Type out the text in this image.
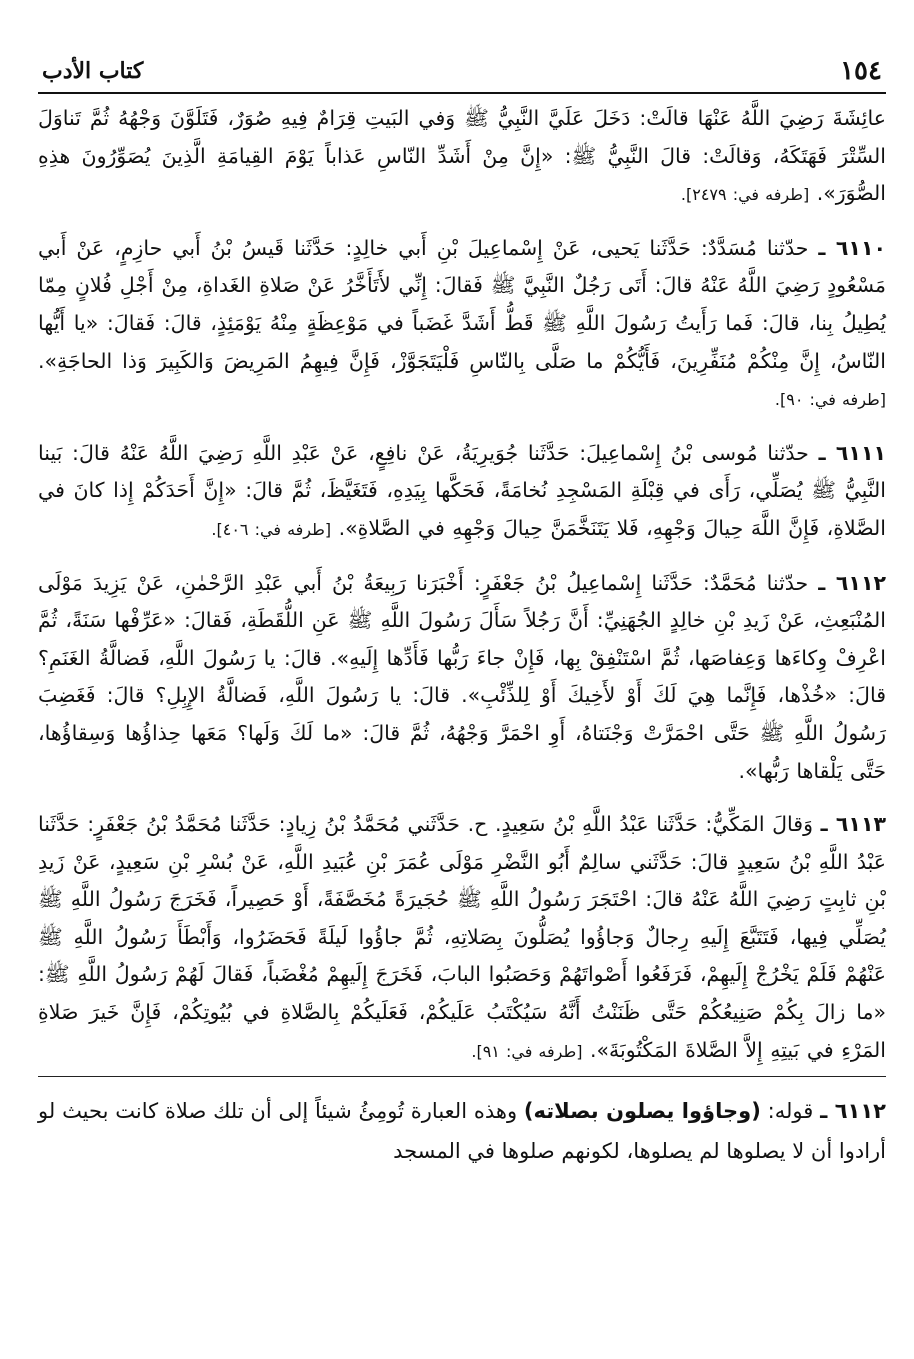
١٥٤
كتاب الأدب

عائِشَةَ رَضِيَ اللَّهُ عَنْهَا قالَتْ: دَخَلَ عَلَيَّ النَّبِيُّ ﷺ وَفي البَيتِ قِرَامٌ فِيهِ صُوَرٌ، فَتَلَوَّنَ وَجْهُهُ ثُمَّ تَناوَلَ السِّتْرَ فَهَتَكَهُ، وَقالَتْ: قالَ النَّبِيُّ ﷺ: «إِنَّ مِنْ أَشَدِّ النّاسِ عَذاباً يَوْمَ القِيامَةِ الَّذِينَ يُصَوِّرُونَ هذِهِ الصُّوَرَ». [طرفه في: ٢٤٧٩].

٦١١٠ ـ حدّثنا مُسَدَّدٌ: حَدَّثَنا يَحيى، عَنْ إِسْماعِيلَ بْنِ أَبي خالِدٍ: حَدَّثَنا قَيسُ بْنُ أَبي حازِمٍ، عَنْ أَبي مَسْعُودٍ رَضِيَ اللَّهُ عَنْهُ قالَ: أَتَى رَجُلٌ النَّبِيَّ ﷺ فَقالَ: إِنِّي لأَتَأَخَّرُ عَنْ صَلاةِ الغَداةِ، مِنْ أَجْلِ فُلانٍ مِمّا يُطِيلُ بِنا، قالَ: فَما رَأَيتُ رَسُولَ اللَّهِ ﷺ قَطُّ أَشَدَّ غَضَباً في مَوْعِظَةٍ مِنْهُ يَوْمَئِذٍ، قالَ: فَقالَ: «يا أَيُّها النّاسُ، إِنَّ مِنْكُمْ مُنَفِّرِينَ، فَأَيُّكُمْ ما صَلَّى بِالنّاسِ فَلْيَتَجَوَّزْ، فَإِنَّ فِيهِمُ المَرِيضَ وَالكَبِيرَ وَذا الحاجَةِ». [طرفه في: ٩٠].

٦١١١ ـ حدّثنا مُوسى بْنُ إِسْماعِيلَ: حَدَّثَنا جُوَيرِيَةُ، عَنْ نافِعٍ، عَنْ عَبْدِ اللَّهِ رَضِيَ اللَّهُ عَنْهُ قالَ: بَينا النَّبِيُّ ﷺ يُصَلِّي، رَأَى في قِبْلَةِ المَسْجِدِ نُخامَةً، فَحَكَّها بِيَدِهِ، فَتَغَيَّظَ، ثُمَّ قالَ: «إِنَّ أَحَدَكُمْ إِذا كانَ في الصَّلاةِ، فَإِنَّ اللَّهَ حِيالَ وَجْهِهِ، فَلا يَتَنَخَّمَنَّ حِيالَ وَجْهِهِ في الصَّلاةِ». [طرفه في: ٤٠٦].

٦١١٢ ـ حدّثنا مُحَمَّدٌ: حَدَّثَنا إِسْماعِيلُ بْنُ جَعْفَرٍ: أَخْبَرَنا رَبِيعَةُ بْنُ أَبي عَبْدِ الرَّحْمٰنِ، عَنْ يَزِيدَ مَوْلَى المُنْبَعِثِ، عَنْ زَيدِ بْنِ خالِدٍ الجُهَنِيِّ: أَنَّ رَجُلاً سَأَلَ رَسُولَ اللَّهِ ﷺ عَنِ اللُّقَطَةِ، فَقالَ: «عَرِّفْها سَنَةً، ثُمَّ اعْرِفْ وِكاءَها وَعِفاصَها، ثُمَّ اسْتَنْفِقْ بِها، فَإِنْ جاءَ رَبُّها فَأَدِّها إِلَيهِ». قالَ: يا رَسُولَ اللَّهِ، فَضالَّةُ الغَنَمِ؟ قالَ: «خُذْها، فَإِنَّما هِيَ لَكَ أَوْ لأَخِيكَ أَوْ لِلذِّئْبِ». قالَ: يا رَسُولَ اللَّهِ، فَضالَّةُ الإِبِلِ؟ قالَ: فَغَضِبَ رَسُولُ اللَّهِ ﷺ حَتَّى احْمَرَّتْ وَجْنَتاهُ، أَوِ احْمَرَّ وَجْهُهُ، ثُمَّ قالَ: «ما لَكَ وَلَها؟ مَعَها حِذاؤُها وَسِقاؤُها، حَتَّى يَلْقاها رَبُّها».

٦١١٣ ـ وَقالَ المَكِّيُّ: حَدَّثَنا عَبْدُ اللَّهِ بْنُ سَعِيدٍ. ح. حَدَّثَني مُحَمَّدُ بْنُ زِيادٍ: حَدَّثَنا مُحَمَّدُ بْنُ جَعْفَرٍ: حَدَّثَنا عَبْدُ اللَّهِ بْنُ سَعِيدٍ قالَ: حَدَّثَني سالِمٌ أَبُو النَّضْرِ مَوْلَى عُمَرَ بْنِ عُبَيدِ اللَّهِ، عَنْ بُسْرِ بْنِ سَعِيدٍ، عَنْ زَيدِ بْنِ ثابِتٍ رَضِيَ اللَّهُ عَنْهُ قالَ: احْتَجَرَ رَسُولُ اللَّهِ ﷺ حُجَيرَةً مُخَصَّفَةً، أَوْ حَصِيراً، فَخَرَجَ رَسُولُ اللَّهِ ﷺ يُصَلِّي فِيها، فَتَتَبَّعَ إِلَيهِ رِجالٌ وَجاؤُوا يُصَلُّونَ بِصَلاتِهِ، ثُمَّ جاؤُوا لَيلَةً فَحَضَرُوا، وَأَبْطَأَ رَسُولُ اللَّهِ ﷺ عَنْهُمْ فَلَمْ يَخْرُجْ إِلَيهِمْ، فَرَفَعُوا أَصْواتَهُمْ وَحَصَبُوا البابَ، فَخَرَجَ إِلَيهِمْ مُغْضَباً، فَقالَ لَهُمْ رَسُولُ اللَّهِ ﷺ: «ما زالَ بِكُمْ صَنِيعُكُمْ حَتَّى ظَنَنْتُ أَنَّهُ سَيُكْتَبُ عَلَيكُمْ، فَعَلَيكُمْ بِالصَّلاةِ في بُيُوتِكُمْ، فَإِنَّ خَيرَ صَلاةِ المَرْءِ في بَيتِهِ إِلاَّ الصَّلاةَ المَكْتُوبَةَ». [طرفه في: ٩١].

٦١١٢ ـ قوله: (وجاؤوا يصلون بصلاته) وهذه العبارة تُومِئُ شيئاً إلى أن تلك صلاة كانت بحيث لو أرادوا أن لا يصلوها لم يصلوها، لكونهم صلوها في المسجد
